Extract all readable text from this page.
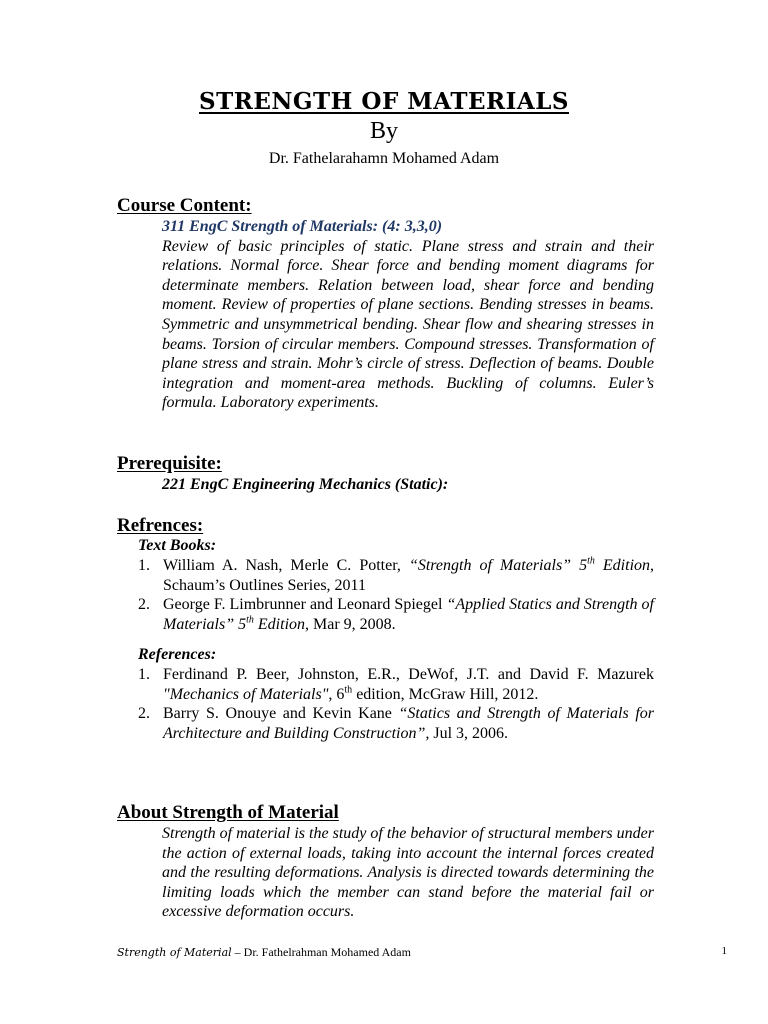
STRENGTH OF MATERIALS
By
Dr. Fathelarahamn Mohamed Adam
Course Content:

311 EngC Strength of Materials: (4: 3,3,0)

Review of basic principles of static. Plane stress and strain and their relations. Normal force. Shear force and bending moment diagrams for determinate members. Relation between load, shear force and bending moment. Review of properties of plane sections. Bending stresses in beams. Symmetric and unsymmetrical bending. Shear flow and shearing stresses in beams. Torsion of circular members. Compound stresses. Transformation of plane stress and strain. Mohr’s circle of stress. Deflection of beams. Double integration and moment-area methods. Buckling of columns. Euler’s formula. Laboratory experiments.

Prerequisite:
221 EngC Engineering Mechanics (Static):
Refrences:
Text Books:
1. William A. Nash, Merle C. Potter, “Strength of Materials” 5th Edition, Schaum’s Outlines Series, 2011
2. George F. Limbrunner and Leonard Spiegel “Applied Statics and Strength of Materials” 5th Edition, Mar 9, 2008.
References:
1. Ferdinand P. Beer, Johnston, E.R., DeWof, J.T. and David F. Mazurek "Mechanics of Materials", 6th edition, McGraw Hill, 2012.
2. Barry S. Onouye and Kevin Kane “Statics and Strength of Materials for Architecture and Building Construction”, Jul 3, 2006.
About Strength of Material

Strength of material is the study of the behavior of structural members under the action of external loads, taking into account the internal forces created and the resulting deformations. Analysis is directed towards determining the limiting loads which the member can stand before the material fail or excessive deformation occurs.

Strength of Material – Dr. Fathelrahman Mohamed Adam	1
